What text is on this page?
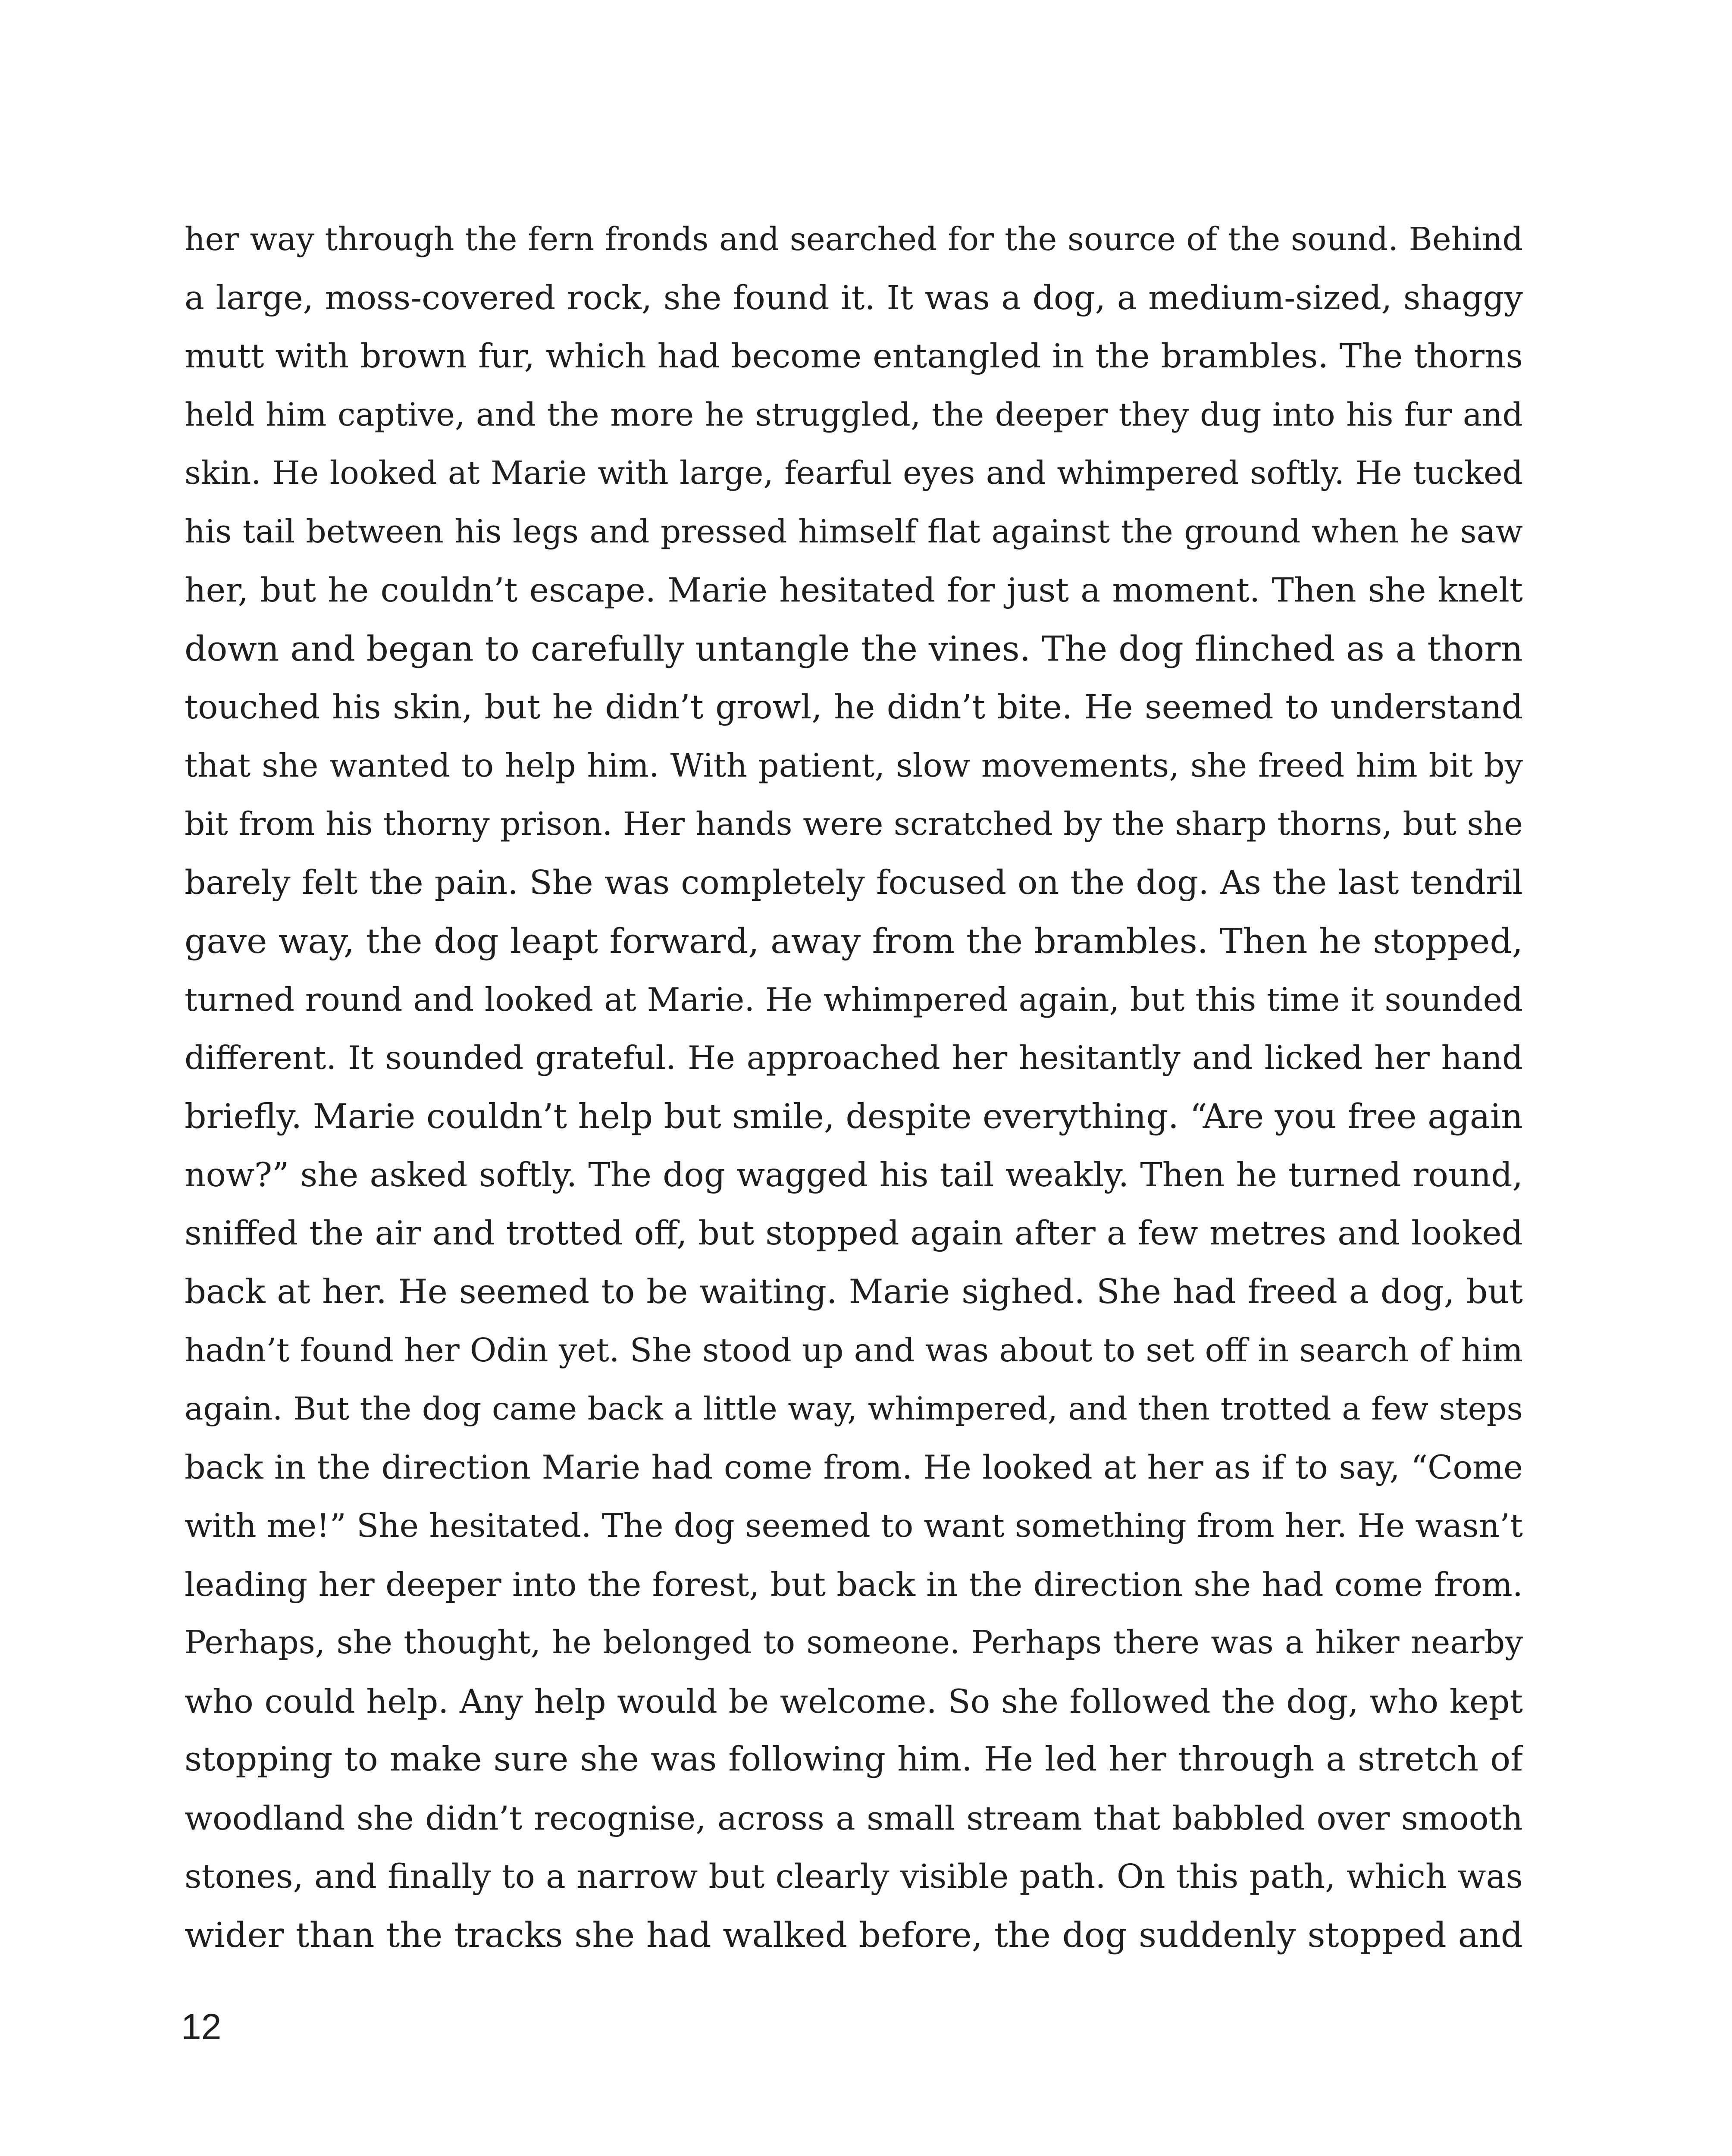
her way through the fern fronds and searched for the source of the sound. Behind
a large, moss-covered rock, she found it. It was a dog, a medium-sized, shaggy
mutt with brown fur, which had become entangled in the brambles. The thorns
held him captive, and the more he struggled, the deeper they dug into his fur and
skin. He looked at Marie with large, fearful eyes and whimpered softly. He tucked
his tail between his legs and pressed himself flat against the ground when he saw
her, but he couldn’t escape. Marie hesitated for just a moment. Then she knelt
down and began to carefully untangle the vines. The dog flinched as a thorn
touched his skin, but he didn’t growl, he didn’t bite. He seemed to understand
that she wanted to help him. With patient, slow movements, she freed him bit by
bit from his thorny prison. Her hands were scratched by the sharp thorns, but she
barely felt the pain. She was completely focused on the dog. As the last tendril
gave way, the dog leapt forward, away from the brambles. Then he stopped,
turned round and looked at Marie. He whimpered again, but this time it sounded
different. It sounded grateful. He approached her hesitantly and licked her hand
briefly. Marie couldn’t help but smile, despite everything. “Are you free again
now?” she asked softly. The dog wagged his tail weakly. Then he turned round,
sniffed the air and trotted off, but stopped again after a few metres and looked
back at her. He seemed to be waiting. Marie sighed. She had freed a dog, but
hadn’t found her Odin yet. She stood up and was about to set off in search of him
again. But the dog came back a little way, whimpered, and then trotted a few steps
back in the direction Marie had come from. He looked at her as if to say, “Come
with me!” She hesitated. The dog seemed to want something from her. He wasn’t
leading her deeper into the forest, but back in the direction she had come from.
Perhaps, she thought, he belonged to someone. Perhaps there was a hiker nearby
who could help. Any help would be welcome. So she followed the dog, who kept
stopping to make sure she was following him. He led her through a stretch of
woodland she didn’t recognise, across a small stream that babbled over smooth
stones, and finally to a narrow but clearly visible path. On this path, which was
wider than the tracks she had walked before, the dog suddenly stopped and
12
